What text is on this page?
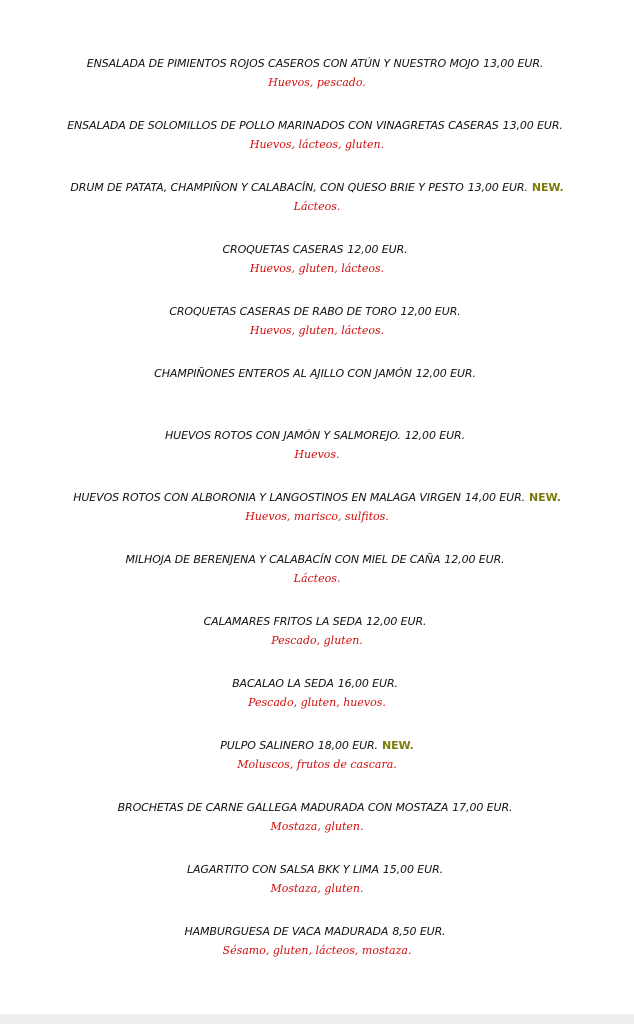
ENSALADA DE PIMIENTOS ROJOS CASEROS CON ATÚN Y NUESTRO MOJO 13,00 EUR.
Huevos, pescado.
ENSALADA DE SOLOMILLOS DE POLLO MARINADOS CON VINAGRETAS CASERAS 13,00 EUR.
Huevos, lácteos, gluten.
DRUM DE PATATA, CHAMPIÑON Y CALABACÍN, CON QUESO BRIE Y PESTO 13,00 EUR. NEW.
Lácteos.
CROQUETAS CASERAS 12,00 EUR.
Huevos, gluten, lácteos.
CROQUETAS CASERAS DE RABO DE TORO 12,00 EUR.
Huevos, gluten, lácteos.
CHAMPIÑONES ENTEROS AL AJILLO CON JAMÓN 12,00 EUR.
HUEVOS ROTOS CON JAMÓN Y SALMOREJO. 12,00 EUR.
Huevos.
HUEVOS ROTOS CON ALBORONIA Y LANGOSTINOS EN MALAGA VIRGEN 14,00 EUR. NEW.
Huevos, marisco, sulfitos.
MILHOJA DE BERENJENA Y CALABACÍN CON MIEL DE CAÑA 12,00 EUR.
Lácteos.
CALAMARES FRITOS LA SEDA 12,00 EUR.
Pescado, gluten.
BACALAO LA SEDA 16,00 EUR.
Pescado, gluten, huevos.
PULPO SALINERO 18,00 EUR. NEW.
Moluscos, frutos de cascara.
BROCHETAS DE CARNE GALLEGA MADURADA CON MOSTAZA 17,00 EUR.
Mostaza, gluten.
LAGARTITO CON SALSA BKK Y LIMA 15,00 EUR.
Mostaza, gluten.
HAMBURGUESA DE VACA MADURADA 8,50 EUR.
Sésamo, gluten, lácteos, mostaza.
